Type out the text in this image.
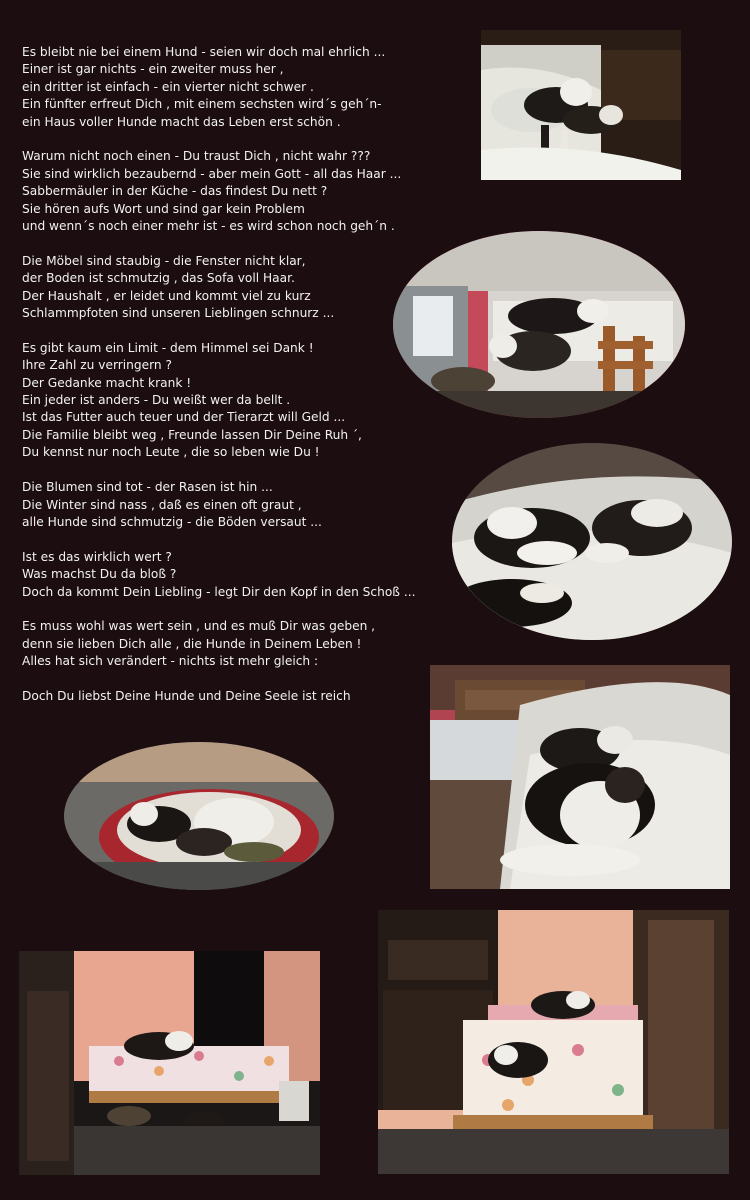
Es bleibt nie bei einem Hund - seien wir doch mal ehrlich ...
Einer ist gar nichts - ein zweiter muss her ,
ein dritter ist einfach - ein vierter nicht schwer .
Ein fünfter erfreut Dich , mit einem sechsten wird´s geh´n-
ein Haus voller Hunde macht das Leben erst schön .
Warum nicht noch einen - Du traust Dich , nicht wahr ???
Sie sind wirklich bezaubernd - aber mein Gott - all das Haar ...
Sabbermäuler in der Küche - das findest Du nett ?
Sie hören aufs Wort und sind gar kein Problem
und wenn´s noch einer mehr ist - es wird schon noch geh´n .
Die Möbel sind staubig - die Fenster nicht klar,
der Boden ist schmutzig , das Sofa voll Haar.
Der Haushalt , er leidet und kommt viel zu kurz
Schlammpfoten sind unseren Lieblingen schnurz ...
Es gibt kaum ein Limit - dem Himmel sei Dank !
Ihre Zahl zu verringern ?
Der Gedanke macht krank !
Ein jeder ist anders - Du weißt wer da bellt .
Ist das Futter auch teuer und der Tierarzt will Geld ...
Die Familie bleibt weg , Freunde lassen Dir Deine Ruh ´,
Du kennst nur noch Leute , die so leben wie Du !
Die Blumen sind tot - der Rasen ist hin ...
Die Winter sind nass , daß es einen oft graut ,
alle Hunde sind schmutzig - die Böden versaut ...
Ist es das wirklich wert ?
Was machst Du da bloß ?
Doch da kommt Dein Liebling - legt Dir den Kopf in den Schoß ...
Es muss wohl was wert sein , und es muß Dir was geben ,
denn sie lieben Dich alle , die Hunde in Deinem Leben !
Alles hat sich verändert - nichts ist mehr gleich :
Doch Du liebst Deine Hunde und Deine Seele ist reich
